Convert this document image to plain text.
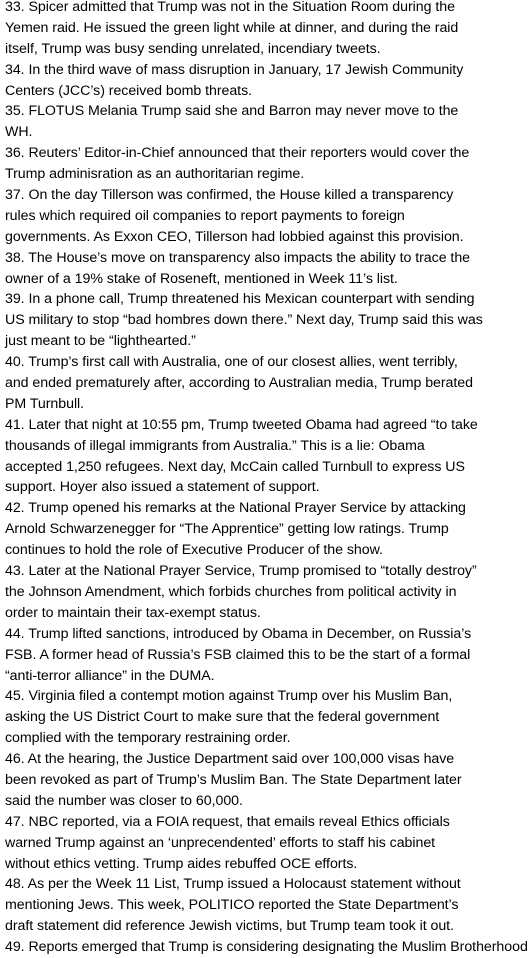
33. Spicer admitted that Trump was not in the Situation Room during the
Yemen raid. He issued the green light while at dinner, and during the raid
itself, Trump was busy sending unrelated, incendiary tweets.

34. In the third wave of mass disruption in January, 17 Jewish Community
Centers (JCC’s) received bomb threats.

35. FLOTUS Melania Trump said she and Barron may never move to the
WH.

36. Reuters’ Editor-in-Chief announced that their reporters would cover the
Trump adminisration as an authoritarian regime.

37. On the day Tillerson was confirmed, the House killed a transparency
rules which required oil companies to report payments to foreign
governments. As Exxon CEO, Tillerson had lobbied against this provision.

38. The House’s move on transparency also impacts the ability to trace the
owner of a 19% stake of Roseneft, mentioned in Week 11’s list.

39. In a phone call, Trump threatened his Mexican counterpart with sending
US military to stop “bad hombres down there.” Next day, Trump said this was
just meant to be “lighthearted.”

40. Trump’s first call with Australia, one of our closest allies, went terribly,
and ended prematurely after, according to Australian media, Trump berated
PM Turnbull.

41. Later that night at 10:55 pm, Trump tweeted Obama had agreed “to take
thousands of illegal immigrants from Australia.” This is a lie: Obama
accepted 1,250 refugees. Next day, McCain called Turnbull to express US
support. Hoyer also issued a statement of support.

42. Trump opened his remarks at the National Prayer Service by attacking
Arnold Schwarzenegger for “The Apprentice” getting low ratings. Trump
continues to hold the role of Executive Producer of the show.

43. Later at the National Prayer Service, Trump promised to “totally destroy”
the Johnson Amendment, which forbids churches from political activity in
order to maintain their tax-exempt status.

44. Trump lifted sanctions, introduced by Obama in December, on Russia’s
FSB. A former head of Russia’s FSB claimed this to be the start of a formal
“anti-terror alliance” in the DUMA.

45. Virginia filed a contempt motion against Trump over his Muslim Ban,
asking the US District Court to make sure that the federal government
complied with the temporary restraining order.

46. At the hearing, the Justice Department said over 100,000 visas have
been revoked as part of Trump’s Muslim Ban. The State Department later
said the number was closer to 60,000.

47. NBC reported, via a FOIA request, that emails reveal Ethics officials
warned Trump against an ‘unprecendented’ efforts to staff his cabinet
without ethics vetting. Trump aides rebuffed OCE efforts.

48. As per the Week 11 List, Trump issued a Holocaust statement without
mentioning Jews. This week, POLITICO reported the State Department’s
draft statement did reference Jewish victims, but Trump team took it out.

49. Reports emerged that Trump is considering designating the Muslim Brotherhood
